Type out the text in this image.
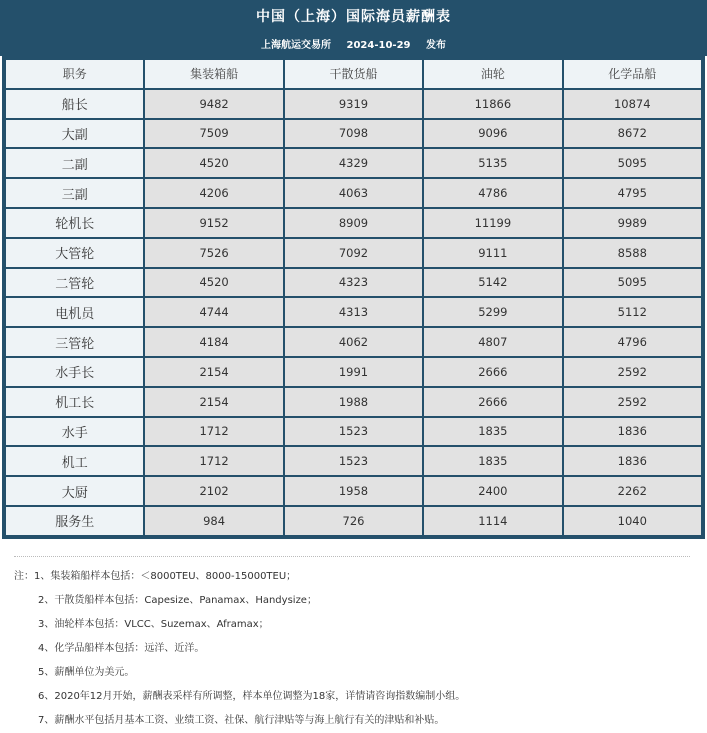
中国（上海）国际海员薪酬表
上海航运交易所 2024-10-29 发布
职务	集装箱船	干散货船	油轮	化学品船
船长	9482	9319	11866	10874
大副	7509	7098	9096	8672
二副	4520	4329	5135	5095
三副	4206	4063	4786	4795
轮机长	9152	8909	11199	9989
大管轮	7526	7092	9111	8588
二管轮	4520	4323	5142	5095
电机员	4744	4313	5299	5112
三管轮	4184	4062	4807	4796
水手长	2154	1991	2666	2592
机工长	2154	1988	2666	2592
水手	1712	1523	1835	1836
机工	1712	1523	1835	1836
大厨	2102	1958	2400	2262
服务生	984	726	1114	1040
注：1、集装箱船样本包括：＜8000TEU、8000-15000TEU；
2、干散货船样本包括：Capesize、Panamax、Handysize；
3、油轮样本包括：VLCC、Suzemax、Aframax；
4、化学品船样本包括：远洋、近洋。
5、薪酬单位为美元。
6、2020年12月开始，薪酬表采样有所调整，样本单位调整为18家，详情请咨询指数编制小组。
7、薪酬水平包括月基本工资、业绩工资、社保、航行津贴等与海上航行有关的津贴和补贴。
